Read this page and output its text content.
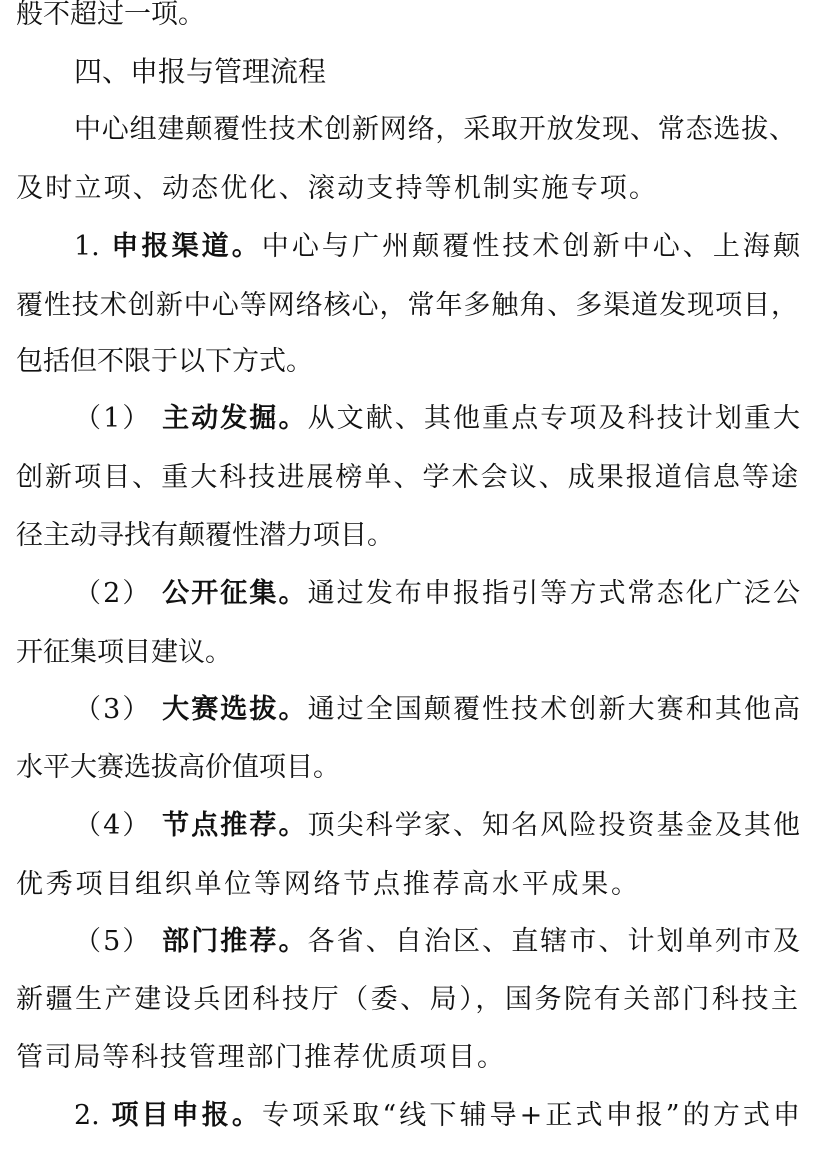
般不超过一项。
四、申报与管理流程
中心组建颠覆性技术创新网络，采取开放发现、常态选拔、
及时立项、动态优化、滚动支持等机制实施专项。
1. 申报渠道。中心与广州颠覆性技术创新中心、上海颠
覆性技术创新中心等网络核心，常年多触角、多渠道发现项目，
包括但不限于以下方式。
（1） 主动发掘。从文献、其他重点专项及科技计划重大
创新项目、重大科技进展榜单、学术会议、成果报道信息等途
径主动寻找有颠覆性潜力项目。
（2） 公开征集。通过发布申报指引等方式常态化广泛公
开征集项目建议。
（3） 大赛选拔。通过全国颠覆性技术创新大赛和其他高
水平大赛选拔高价值项目。
（4） 节点推荐。顶尖科学家、知名风险投资基金及其他
优秀项目组织单位等网络节点推荐高水平成果。
（5） 部门推荐。各省、自治区、直辖市、计划单列市及
新疆生产建设兵团科技厅（委、局），国务院有关部门科技主
管司局等科技管理部门推荐优质项目。
2. 项目申报。专项采取“线下辅导+正式申报”的方式申
